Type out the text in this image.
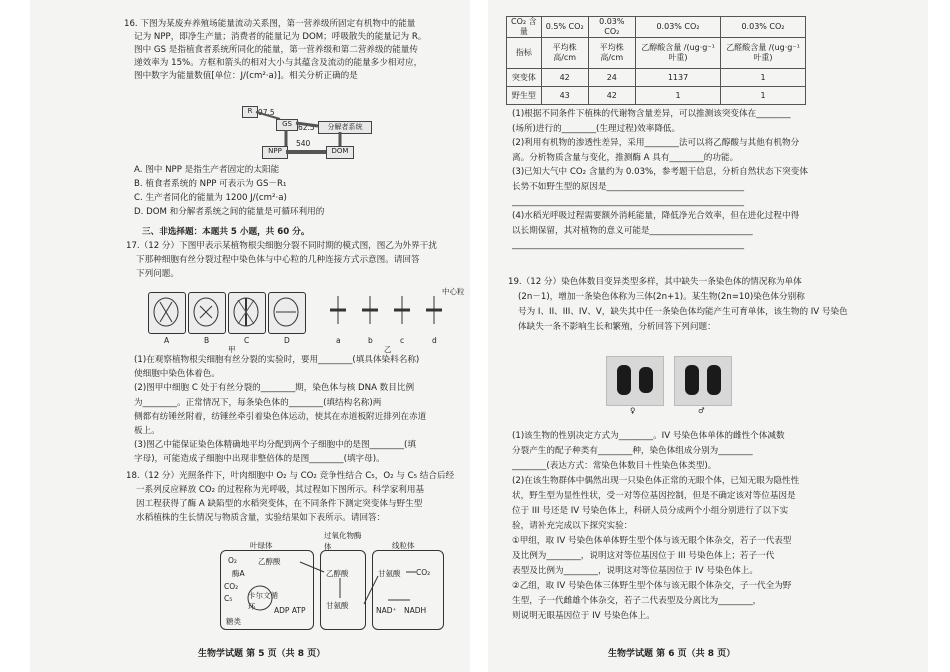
16. 下图为某废弃养殖场能量流动关系图，第一营养级所固定有机物中的能量
记为 NPP，即净生产量；消费者的能量记为 DOM；呼吸散失的能量记为 R。
图中 GS 是指植食者系统所同化的能量，第一营养级和第二营养级的能量传
递效率为 15%。方框和箭头的相对大小与其蕴含及流动的能量多少相对应，
图中数字为能量数值[单位：J/(cm²·a)]。相关分析正确的是
R
GS
NPP	DOM
分解者系统
97.5
62.5
540
A. 图中 NPP 是指生产者固定的太阳能
B. 植食者系统的 NPP 可表示为 GS－R₁
C. 生产者同化的能量为 1200 J/(cm²·a)
D. DOM 和分解者系统之间的能量是可循环利用的
三、非选择题：本题共 5 小题，共 60 分。
17.（12 分）下图甲表示某植物根尖细胞分裂不同时期的模式图，图乙为外界干扰
下那种细胞有丝分裂过程中染色体与中心粒的几种连接方式示意图。请回答
下列问题。
A	B	C	D
甲
中心粒
a	b	c	d
乙
(1)在观察植物根尖细胞有丝分裂的实验时，要用________(填具体染料名称)
使细胞中染色体着色。
(2)图甲中细胞 C 处于有丝分裂的________期，染色体与核 DNA 数目比例
为________。正常情况下，每条染色体的________(填结构名称)两
侧都有纺锤丝附着，纺锤丝牵引着染色体运动，使其在赤道板附近排列在赤道
板上。
(3)图乙中能保证染色体精确地平均分配到两个子细胞中的是图________(填
字母)，可能造成子细胞中出现非整倍体的是图________(填字母)。
18.（12 分）光照条件下，叶肉细胞中 O₂ 与 CO₂ 竞争性结合 C₅，O₂ 与 C₅ 结合后经
一系列反应释放 CO₂ 的过程称为光呼吸，其过程如下图所示。科学家利用基
因工程获得了酶 A 缺陷型的水稻突变体，在不同条件下测定突变体与野生型
水稻植株的生长情况与物质含量，实验结果如下表所示。请回答：
叶绿体
过氧化物酶体	线粒体
O₂	乙醇酸
酶A
CO₂
C₅ 卡尔文循环	ADP ATP
糖类
乙醇酸
甘氨酸
甘氨酸 CO₂
NAD⁺ NADH
生物学试题 第 5 页（共 8 页）
CO₂ 含量	0.5% CO₂	0.03% CO₂	0.03% CO₂	0.03% CO₂
指标	平均株高/cm	平均株高/cm	乙醇酸含量 /(ug·g⁻¹叶重)	乙醛酸含量 /(ug·g⁻¹叶重)
突变体	42	24	1137	1
野生型	43	42	1	1
(1)根据不同条件下植株的代谢物含量差异，可以推测该突变体在________
(场所)进行的________(生理过程)效率降低。
(2)利用有机物的渗透性差异，采用________法可以将乙醇酸与其他有机物分
离。分析物质含量与变化，推测酶 A 具有________的功能。
(3)已知大气中 CO₂ 含量约为 0.03%，参考题干信息，分析自然状态下突变体
长势不如野生型的原因是________________________________
______________________________________________________
(4)水稻光呼吸过程需要额外消耗能量，降低净光合效率，但在进化过程中得
以长期保留，其对植物的意义可能是________________________
______________________________________________________
19.（12 分）染色体数目变异类型多样，其中缺失一条染色体的情况称为单体
(2n－1)，增加一条染色体称为三体(2n+1)。某生物(2n=10)染色体分别称
号为 I、II、III、IV、V，缺失其中任一条染色体均能产生可育单体，该生物的 IV 号染色
体缺失一条不影响生长和繁殖，分析回答下列问题：
♀	♂
(1)该生物的性别决定方式为________。IV 号染色体单体的雌性个体减数
分裂产生的配子种类有________种，染色体组成分别为________
________(表达方式：常染色体数目＋性染色体类型)。
(2)在该生物群体中偶然出现一只染色体正常的无眼个体，已知无眼为隐性性
状，野生型为显性性状，受一对等位基因控制，但是不确定该对等位基因是
位于 III 号还是 IV 号染色体上，科研人员分成两个小组分别进行了以下实
验，请补充完成以下探究实验：
①甲组，取 IV 号染色体单体野生型个体与该无眼个体杂交，若子一代表型
及比例为________，说明这对等位基因位于 III 号染色体上；若子一代
表型及比例为________，说明这对等位基因位于 IV 号染色体上。
②乙组，取 IV 号染色体三体野生型个体与该无眼个体杂交，子一代全为野
生型，子一代雌雄个体杂交，若子二代表型及分离比为________，
则说明无眼基因位于 IV 号染色体上。
生物学试题 第 6 页（共 8 页）
